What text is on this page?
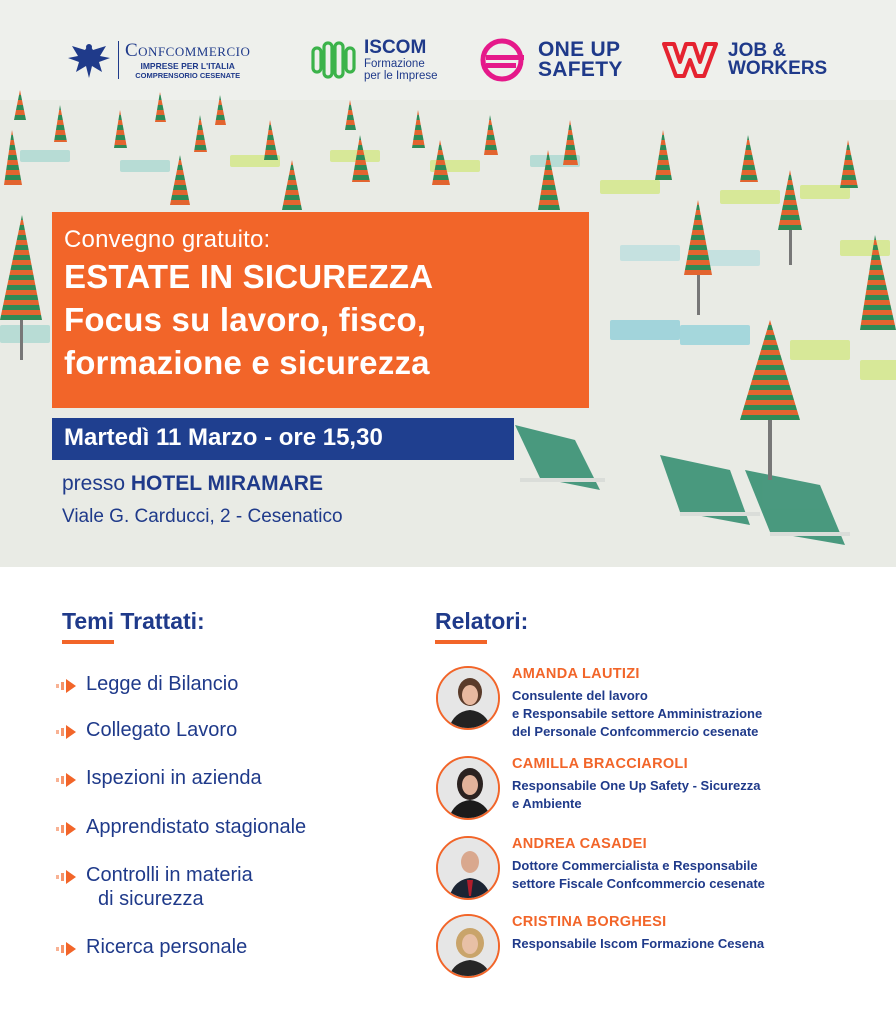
Confcommercio
IMPRESE PER L'ITALIA
COMPRENSORIO CESENATE
ISCOM
Formazione
per le Imprese
ONE UP
SAFETY
JOB &
WORKERS
Convegno gratuito:
ESTATE IN SICUREZZA
Focus su lavoro, fisco,
formazione e sicurezza
Martedì 11 Marzo - ore 15,30
presso HOTEL MIRAMARE
Viale G. Carducci, 2 - Cesenatico
Temi Trattati:
Legge di Bilancio
Collegato Lavoro
Ispezioni in azienda
Apprendistato stagionale
Controlli in materia
di sicurezza
Ricerca personale
Relatori:
AMANDA LAUTIZI
Consulente del lavoro
e Responsabile settore Amministrazione
del Personale Confcommercio cesenate
CAMILLA BRACCIAROLI
Responsabile One Up Safety - Sicurezza
e Ambiente
ANDREA CASADEI
Dottore Commercialista e Responsabile
settore Fiscale Confcommercio cesenate
CRISTINA BORGHESI
Responsabile Iscom Formazione Cesena
